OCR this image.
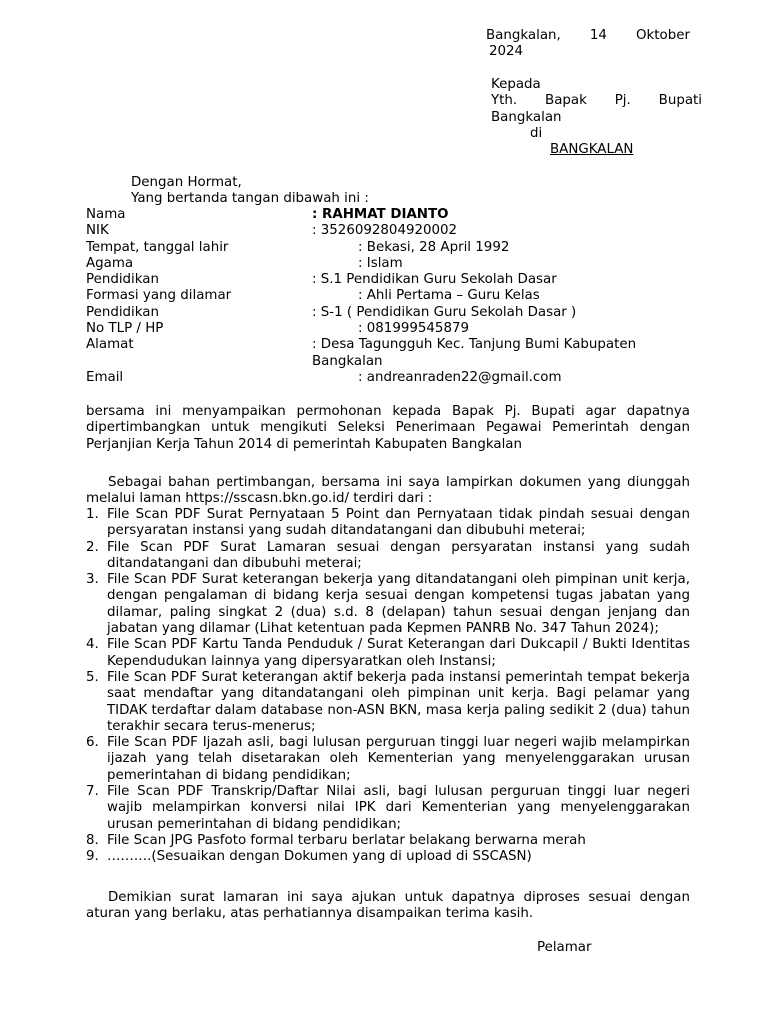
Bangkalan, 14 Oktober
2024
Kepada
Yth. Bapak Pj. Bupati
Bangkalan
di
BANGKALAN
Dengan Hormat,
Yang bertanda tangan dibawah ini :
Nama	: RAHMAT DIANTO
NIK	: 3526092804920002
Tempat, tanggal lahir	: Bekasi, 28 April 1992
Agama	: Islam
Pendidikan	: S.1 Pendidikan Guru Sekolah Dasar
Formasi yang dilamar	: Ahli Pertama – Guru Kelas
Pendidikan	: S-1 ( Pendidikan Guru Sekolah Dasar )
No TLP / HP	: 081999545879
Alamat	: Desa Tagungguh Kec. Tanjung Bumi Kabupaten Bangkalan
Email	: andreanraden22@gmail.com
bersama ini menyampaikan permohonan kepada Bapak Pj. Bupati agar dapatnya dipertimbangkan untuk mengikuti Seleksi Penerimaan Pegawai Pemerintah dengan Perjanjian Kerja Tahun 2014 di pemerintah Kabupaten Bangkalan
Sebagai bahan pertimbangan, bersama ini saya lampirkan dokumen yang diunggah melalui laman https://sscasn.bkn.go.id/ terdiri dari :
1. File Scan PDF Surat Pernyataan 5 Point dan Pernyataan tidak pindah sesuai dengan persyaratan instansi yang sudah ditandatangani dan dibubuhi meterai;
2. File Scan PDF Surat Lamaran sesuai dengan persyaratan instansi yang sudah ditandatangani dan dibubuhi meterai;
3. File Scan PDF Surat keterangan bekerja yang ditandatangani oleh pimpinan unit kerja, dengan pengalaman di bidang kerja sesuai dengan kompetensi tugas jabatan yang dilamar, paling singkat 2 (dua) s.d. 8 (delapan) tahun sesuai dengan jenjang dan jabatan yang dilamar (Lihat ketentuan pada Kepmen PANRB No. 347 Tahun 2024);
4. File Scan PDF Kartu Tanda Penduduk / Surat Keterangan dari Dukcapil / Bukti Identitas Kependudukan lainnya yang dipersyaratkan oleh Instansi;
5. File Scan PDF Surat keterangan aktif bekerja pada instansi pemerintah tempat bekerja saat mendaftar yang ditandatangani oleh pimpinan unit kerja. Bagi pelamar yang TIDAK terdaftar dalam database non-ASN BKN, masa kerja paling sedikit 2 (dua) tahun terakhir secara terus-menerus;
6. File Scan PDF Ijazah asli, bagi lulusan perguruan tinggi luar negeri wajib melampirkan ijazah yang telah disetarakan oleh Kementerian yang menyelenggarakan urusan pemerintahan di bidang pendidikan;
7. File Scan PDF Transkrip/Daftar Nilai asli, bagi lulusan perguruan tinggi luar negeri wajib melampirkan konversi nilai IPK dari Kementerian yang menyelenggarakan urusan pemerintahan di bidang pendidikan;
8. File Scan JPG Pasfoto formal terbaru berlatar belakang berwarna merah
9. ……….(Sesuaikan dengan Dokumen yang di upload di SSCASN)
Demikian surat lamaran ini saya ajukan untuk dapatnya diproses sesuai dengan aturan yang berlaku, atas perhatiannya disampaikan terima kasih.
Pelamar
